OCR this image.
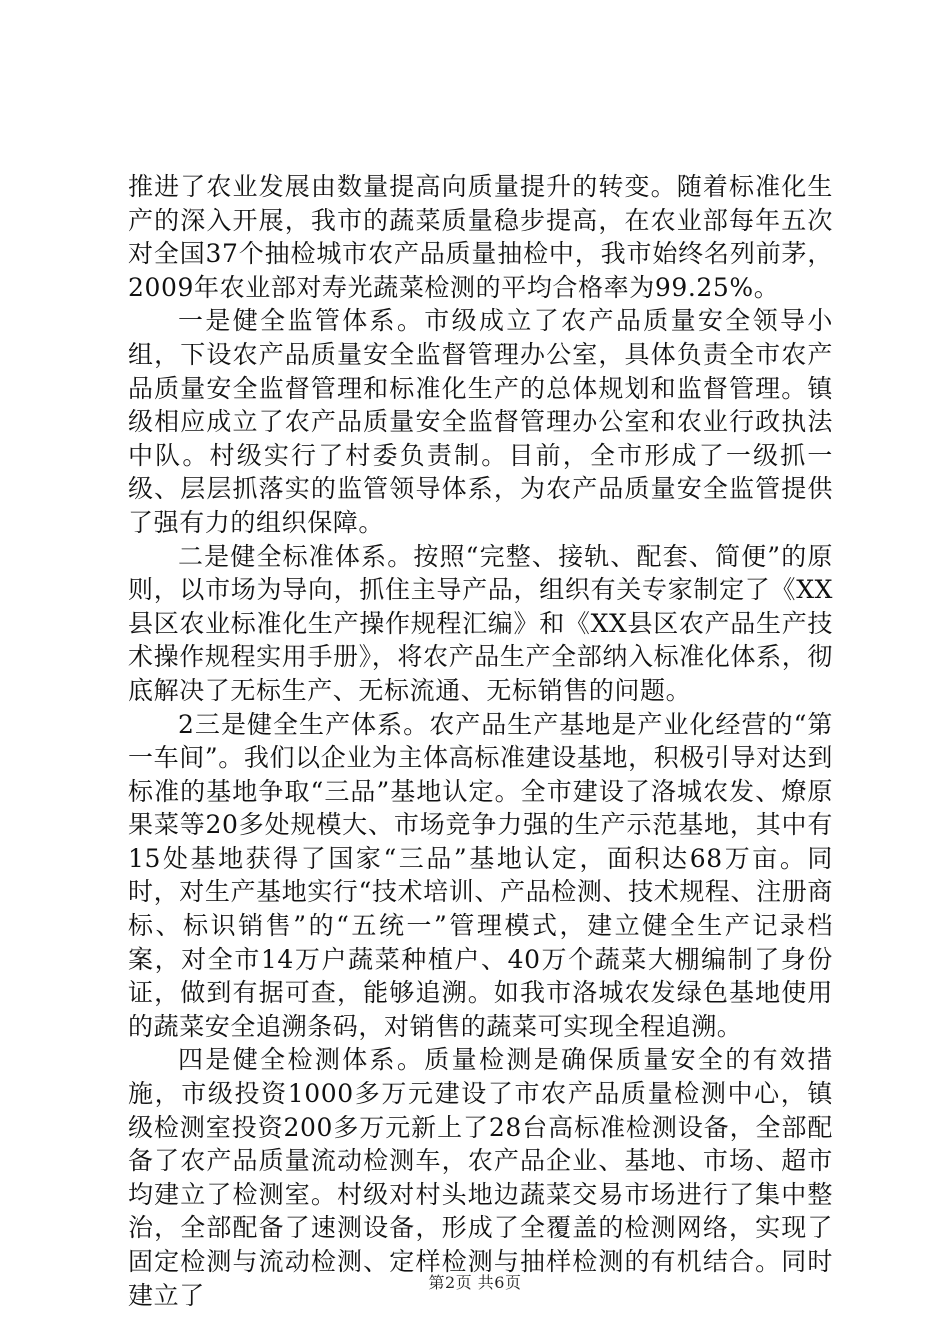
推进了农业发展由数量提高向质量提升的转变。随着标准化生产的深入开展，我市的蔬菜质量稳步提高，在农业部每年五次对全国37个抽检城市农产品质量抽检中，我市始终名列前茅，2009年农业部对寿光蔬菜检测的平均合格率为99.25%。

一是健全监管体系。市级成立了农产品质量安全领导小组，下设农产品质量安全监督管理办公室，具体负责全市农产品质量安全监督管理和标准化生产的总体规划和监督管理。镇级相应成立了农产品质量安全监督管理办公室和农业行政执法中队。村级实行了村委负责制。目前，全市形成了一级抓一级、层层抓落实的监管领导体系，为农产品质量安全监管提供了强有力的组织保障。

二是健全标准体系。按照“完整、接轨、配套、简便”的原则，以市场为导向，抓住主导产品，组织有关专家制定了《XX县区农业标准化生产操作规程汇编》和《XX县区农产品生产技术操作规程实用手册》，将农产品生产全部纳入标准化体系，彻底解决了无标生产、无标流通、无标销售的问题。

2三是健全生产体系。农产品生产基地是产业化经营的“第一车间”。我们以企业为主体高标准建设基地，积极引导对达到标准的基地争取“三品”基地认定。全市建设了洛城农发、燎原果菜等20多处规模大、市场竞争力强的生产示范基地，其中有15处基地获得了国家“三品”基地认定，面积达68万亩。同时，对生产基地实行“技术培训、产品检测、技术规程、注册商标、标识销售”的“五统一”管理模式，建立健全生产记录档案，对全市14万户蔬菜种植户、40万个蔬菜大棚编制了身份证，做到有据可查，能够追溯。如我市洛城农发绿色基地使用的蔬菜安全追溯条码，对销售的蔬菜可实现全程追溯。

四是健全检测体系。质量检测是确保质量安全的有效措施，市级投资1000多万元建设了市农产品质量检测中心，镇级检测室投资200多万元新上了28台高标准检测设备，全部配备了农产品质量流动检测车，农产品企业、基地、市场、超市均建立了检测室。村级对村头地边蔬菜交易市场进行了集中整治，全部配备了速测设备，形成了全覆盖的检测网络，实现了固定检测与流动检测、定样检测与抽样检测的有机结合。同时建立了	第2页 共6页
